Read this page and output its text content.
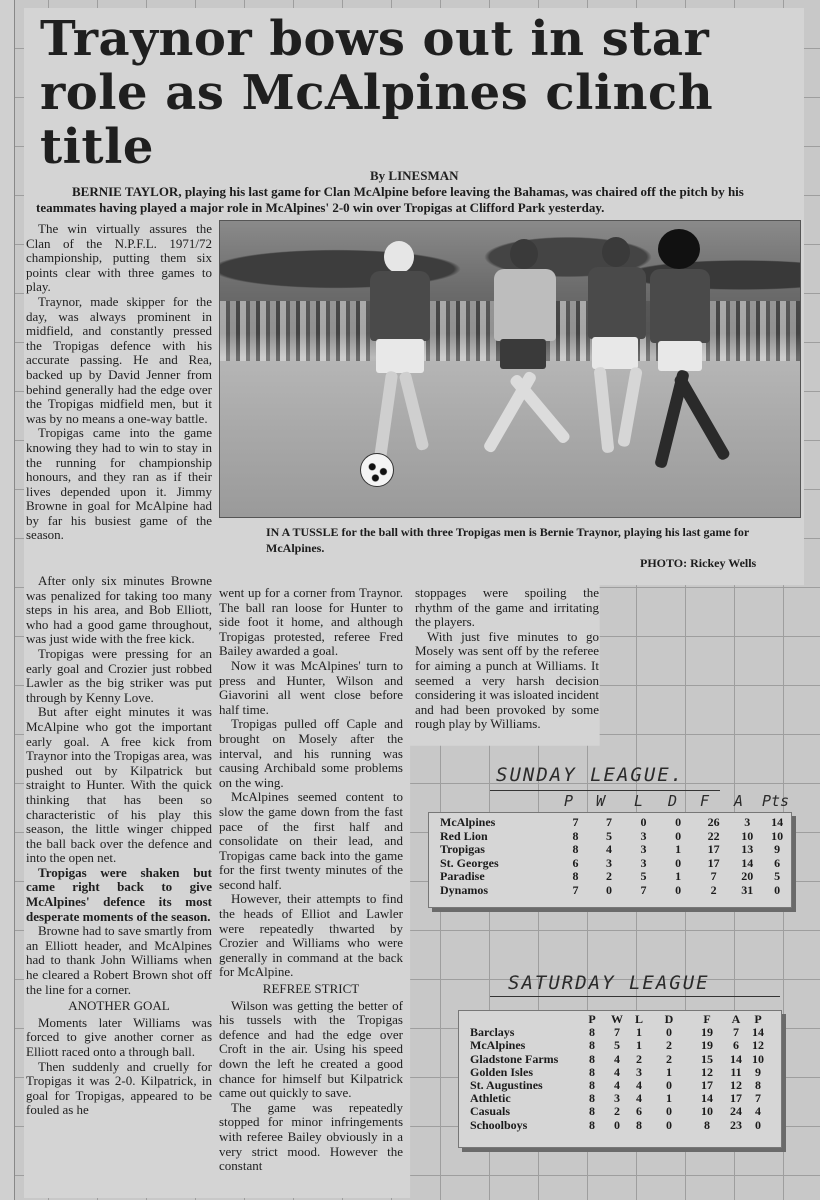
Traynor bows out in star role as McAlpines clinch title
By LINESMAN

BERNIE TAYLOR, playing his last game for Clan McAlpine before leaving the Bahamas, was chaired off the pitch by his teammates having played a major role in McAlpines' 2-0 win over Tropigas at Clifford Park yesterday.

IN A TUSSLE for the ball with three Tropigas men is Bernie Traynor, playing his last game for McAlpines.

PHOTO: Rickey Wells

The win virtually assures the Clan of the N.P.F.L. 1971/72 championship, putting them six points clear with three games to play.

Traynor, made skipper for the day, was always prominent in midfield, and constantly pressed the Tropigas defence with his accurate passing. He and Rea, backed up by David Jenner from behind generally had the edge over the Tropigas midfield men, but it was by no means a one-way battle.

Tropigas came into the game knowing they had to win to stay in the running for championship honours, and they ran as if their lives depended upon it. Jimmy Browne in goal for McAlpine had by far his busiest game of the season.

After only six minutes Browne was penalized for taking too many steps in his area, and Bob Elliott, who had a good game throughout, was just wide with the free kick.

Tropigas were pressing for an early goal and Crozier just robbed Lawler as the big striker was put through by Kenny Love.

But after eight minutes it was McAlpine who got the important early goal. A free kick from Traynor into the Tropigas area, was pushed out by Kilpatrick but straight to Hunter. With the quick thinking that has been so characteristic of his play this season, the little winger chipped the ball back over the defence and into the open net.

Tropigas were shaken but came right back to give McAlpines' defence its most desperate moments of the season.

Browne had to save smartly from an Elliott header, and McAlpines had to thank John Williams when he cleared a Robert Brown shot off the line for a corner.

ANOTHER GOAL

Moments later Williams was forced to give another corner as Elliott raced onto a through ball.

Then suddenly and cruelly for Tropigas it was 2-0. Kilpatrick, in goal for Tropigas, appeared to be fouled as he

went up for a corner from Traynor. The ball ran loose for Hunter to side foot it home, and although Tropigas protested, referee Fred Bailey awarded a goal.

Now it was McAlpines' turn to press and Hunter, Wilson and Giavorini all went close before half time.

Tropigas pulled off Caple and brought on Mosely after the interval, and his running was causing Archibald some problems on the wing.

McAlpines seemed content to slow the game down from the fast pace of the first half and consolidate on their lead, and Tropigas came back into the game for the first twenty minutes of the second half.

However, their attempts to find the heads of Elliot and Lawler were repeatedly thwarted by Crozier and Williams who were generally in command at the back for McAlpine.

REFREE STRICT

Wilson was getting the better of his tussels with the Tropigas defence and had the edge over Croft in the air. Using his speed down the left he created a good chance for himself but Kilpatrick came out quickly to save.

The game was repeatedly stopped for minor infringements with referee Bailey obviously in a very strict mood. However the constant

stoppages were spoiling the rhythm of the game and irritating the players.

With just five minutes to go Mosely was sent off by the referee for aiming a punch at Williams. It seemed a very harsh decision considering it was isloated incident and had been provoked by some rough play by Williams.

SUNDAY LEAGUE.
P W L D F A Pts
McAlpines	7	7	0	0	26	3	14
Red Lion	8	5	3	0	22	10	10
Tropigas	8	4	3	1	17	13	9
St. Georges	6	3	3	0	17	14	6
Paradise	8	2	5	1	7	20	5
Dynamos	7	0	7	0	2	31	0
SATURDAY LEAGUE
	P	W	L	D	F	A	P
Barclays	8	7	1	0	19	7	14
McAlpines	8	5	1	2	19	6	12
Gladstone Farms	8	4	2	2	15	14	10
Golden Isles	8	4	3	1	12	11	9
St. Augustines	8	4	4	0	17	12	8
Athletic	8	3	4	1	14	17	7
Casuals	8	2	6	0	10	24	4
Schoolboys	8	0	8	0	8	23	0
